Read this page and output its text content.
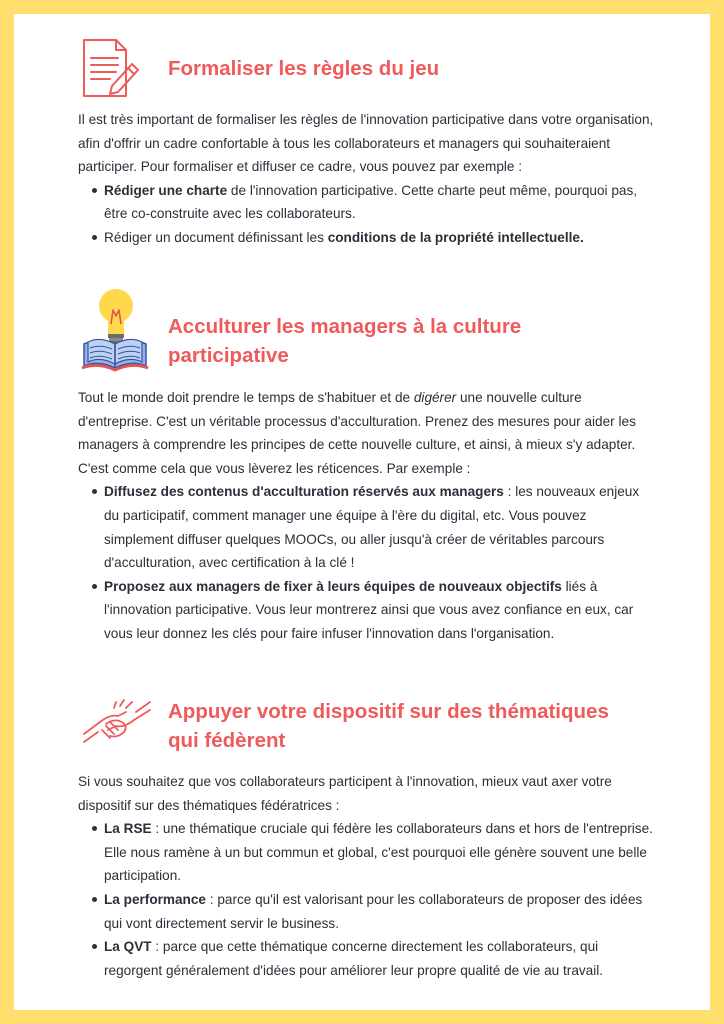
Formaliser les règles du jeu

Il est très important de formaliser les règles de l'innovation participative dans votre organisation, afin d'offrir un cadre confortable à tous les collaborateurs et managers qui souhaiteraient participer. Pour formaliser et diffuser ce cadre, vous pouvez par exemple :

Rédiger une charte de l'innovation participative. Cette charte peut même, pourquoi pas, être co-construite avec les collaborateurs.
Rédiger un document définissant les conditions de la propriété intellectuelle.
Acculturer les managers à la culture
participative

Tout le monde doit prendre le temps de s'habituer et de digérer une nouvelle culture d'entreprise. C'est un véritable processus d'acculturation. Prenez des mesures pour aider les managers à comprendre les principes de cette nouvelle culture, et ainsi, à mieux s'y adapter. C'est comme cela que vous lèverez les réticences. Par exemple :

Diffusez des contenus d'acculturation réservés aux managers : les nouveaux enjeux du participatif, comment manager une équipe à l'ère du digital, etc. Vous pouvez simplement diffuser quelques MOOCs, ou aller jusqu'à créer de véritables parcours d'acculturation, avec certification à la clé !
Proposez aux managers de fixer à leurs équipes de nouveaux objectifs liés à l'innovation participative. Vous leur montrerez ainsi que vous avez confiance en eux, car vous leur donnez les clés pour faire infuser l'innovation dans l'organisation.
Appuyer votre dispositif sur des thématiques
qui fédèrent

Si vous souhaitez que vos collaborateurs participent à l'innovation, mieux vaut axer votre dispositif sur des thématiques fédératrices :

La RSE : une thématique cruciale qui fédère les collaborateurs dans et hors de l'entreprise. Elle nous ramène à un but commun et global, c'est pourquoi elle génère souvent une belle participation.
La performance : parce qu'il est valorisant pour les collaborateurs de proposer des idées qui vont directement servir le business.
La QVT : parce que cette thématique concerne directement les collaborateurs, qui regorgent généralement d'idées pour améliorer leur propre qualité de vie au travail.
